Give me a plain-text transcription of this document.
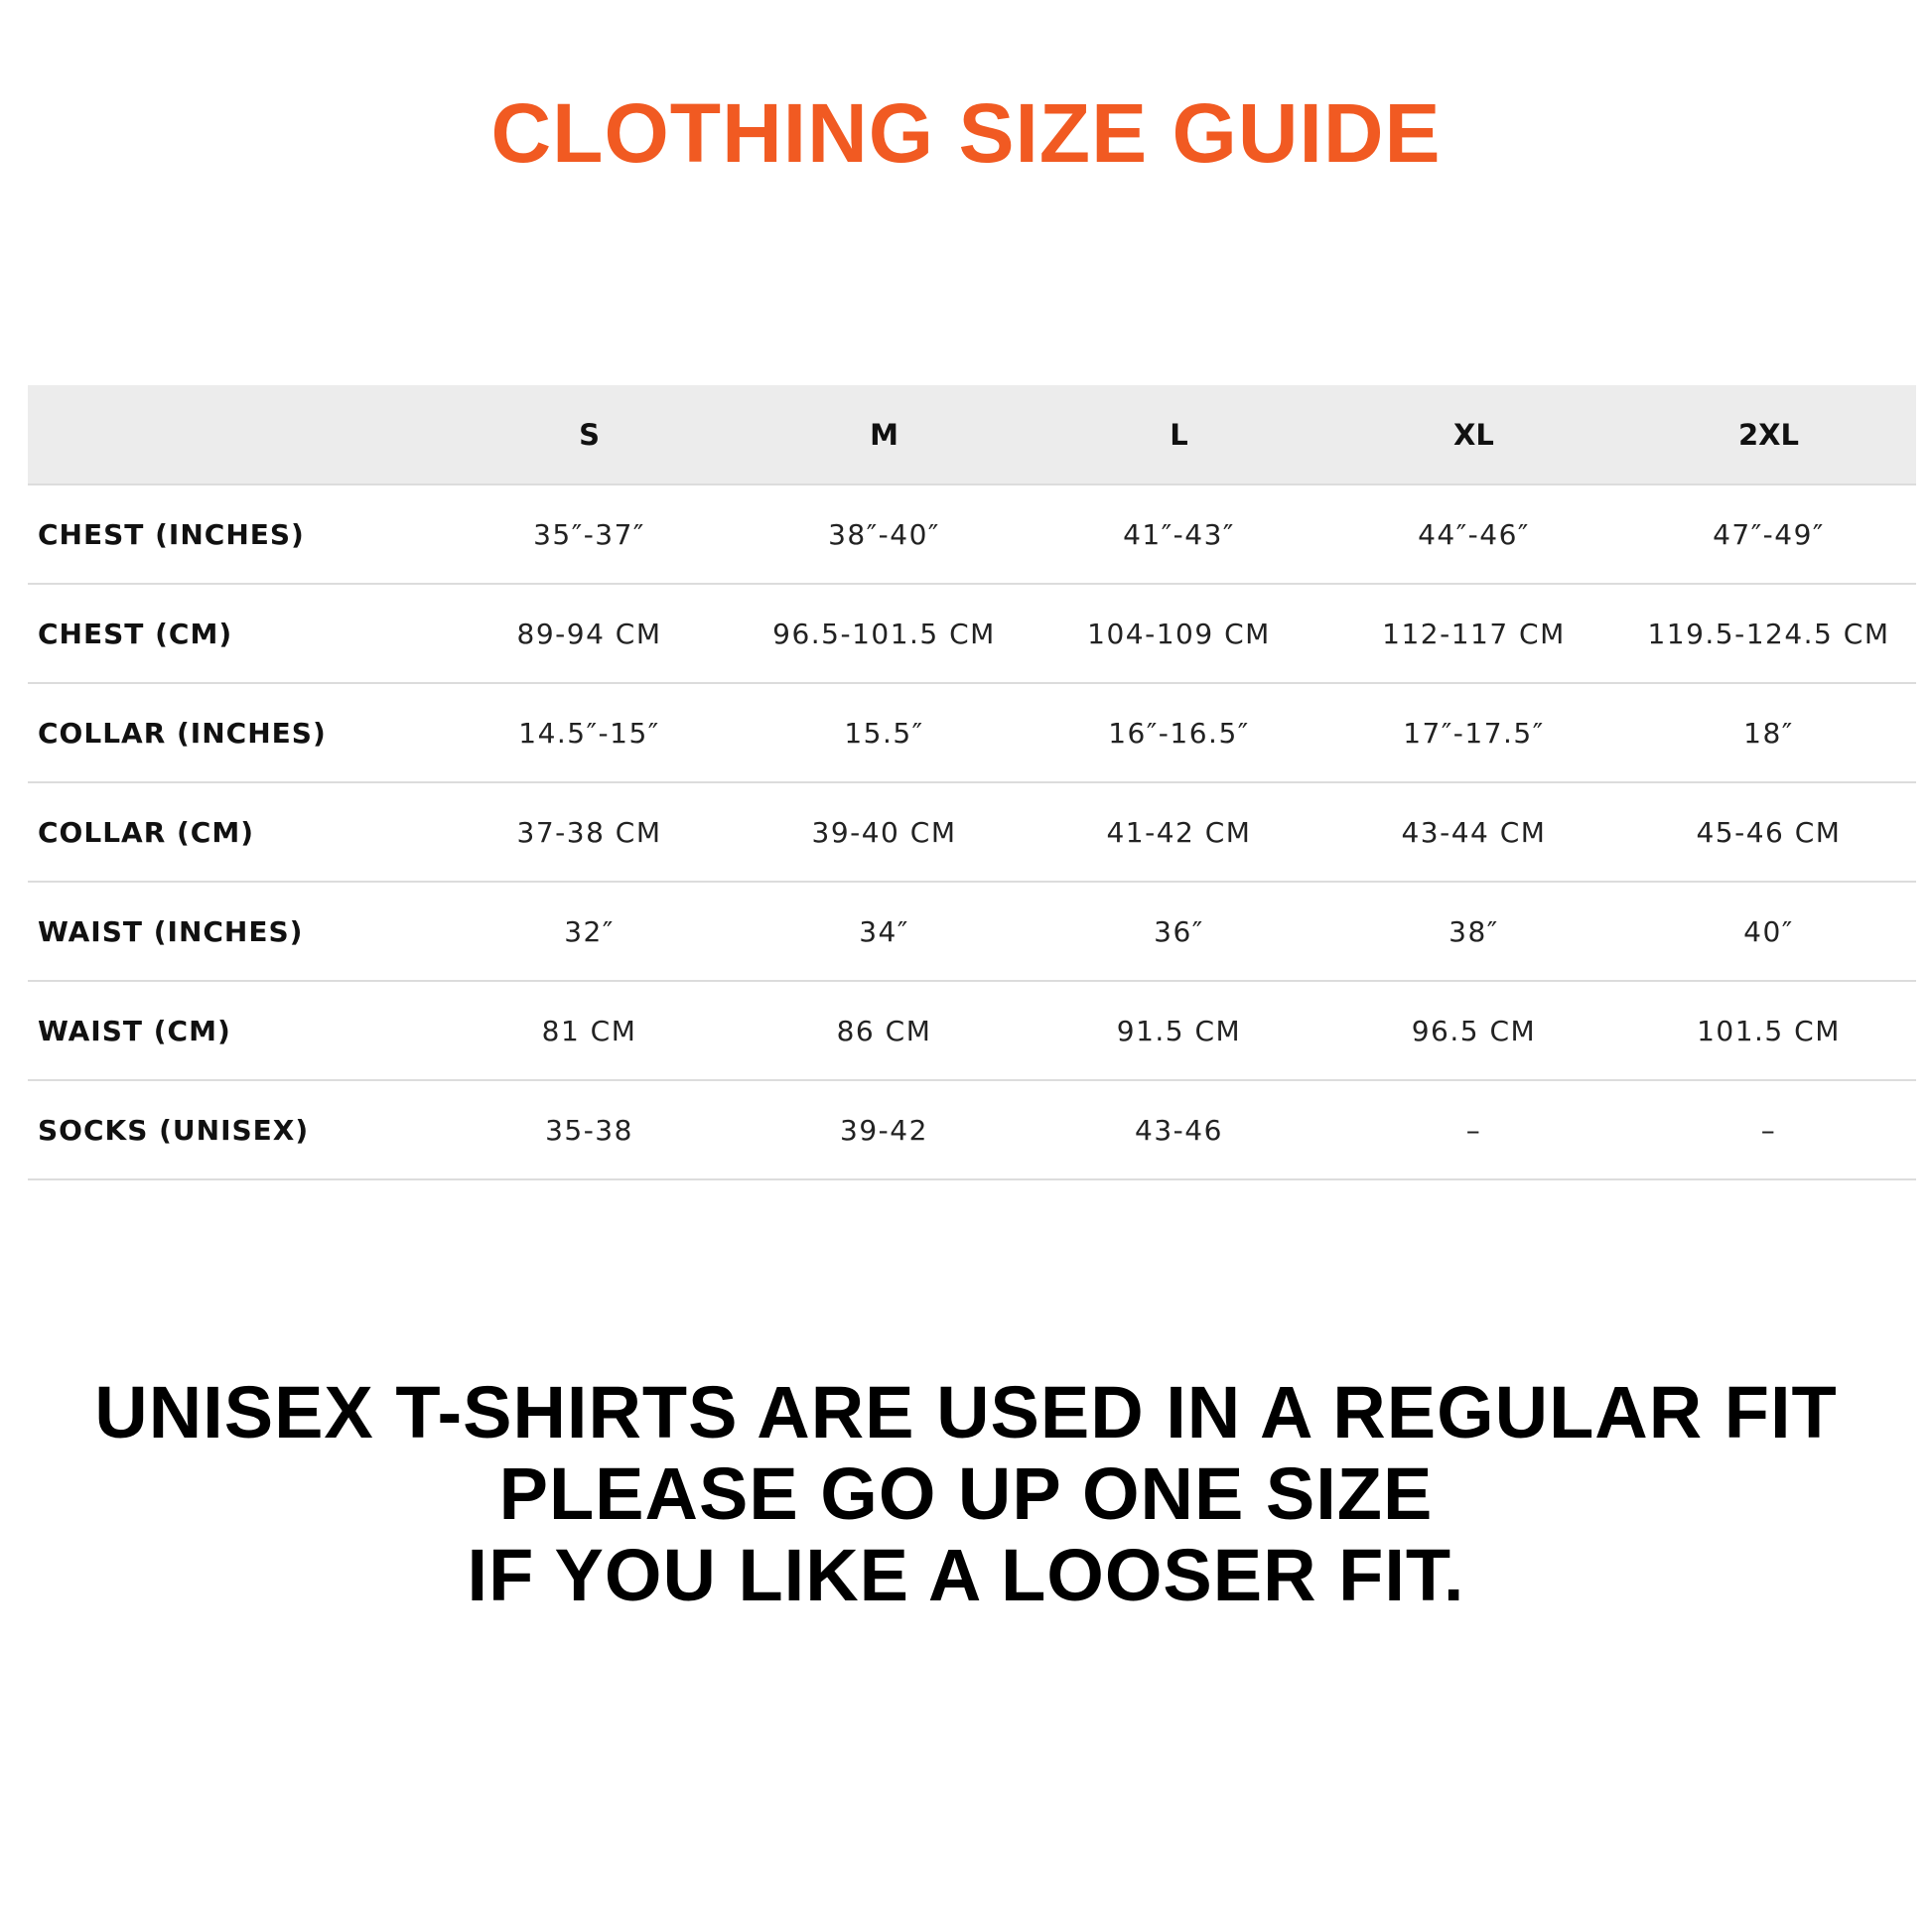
CLOTHING SIZE GUIDE
	S	M	L	XL	2XL
CHEST (INCHES)	35″-37″	38″-40″	41″-43″	44″-46″	47″-49″
CHEST (CM)	89-94 CM	96.5-101.5 CM	104-109 CM	112-117 CM	119.5-124.5 CM
COLLAR (INCHES)	14.5″-15″	15.5″	16″-16.5″	17″-17.5″	18″
COLLAR (CM)	37-38 CM	39-40 CM	41-42 CM	43-44 CM	45-46 CM
WAIST (INCHES)	32″	34″	36″	38″	40″
WAIST (CM)	81 CM	86 CM	91.5 CM	96.5 CM	101.5 CM
SOCKS (UNISEX)	35-38	39-42	43-46	–	–
UNISEX T-SHIRTS ARE USED IN A REGULAR FIT
PLEASE GO UP ONE SIZE
IF YOU LIKE A LOOSER FIT.
